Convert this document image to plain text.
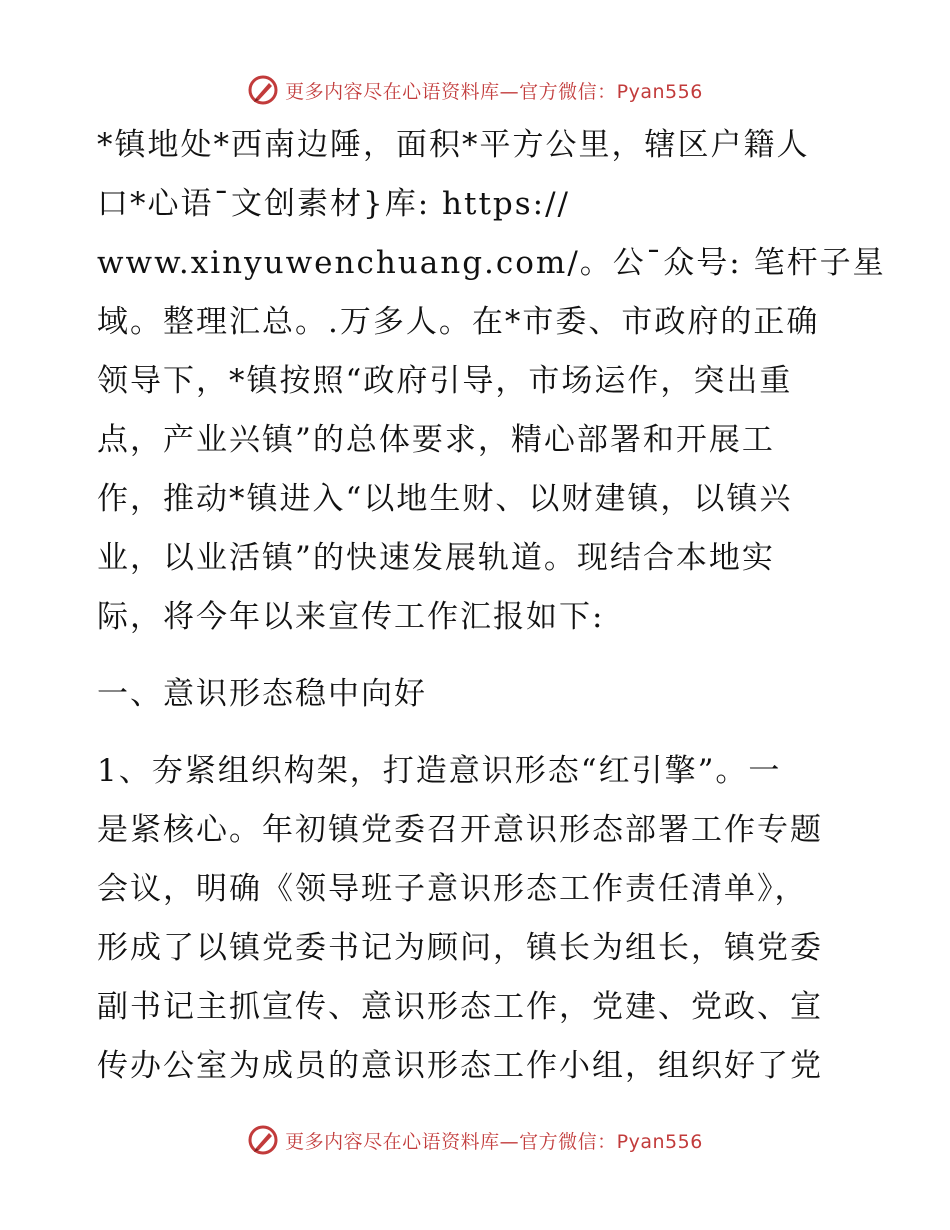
更多内容尽在心语资料库—官方微信：Pyan556
*镇地处*西南边陲，面积*平方公里，辖区户籍人
口*心语¯文创素材}库: https://
www.xinyuwenchuang.com/。公¯众号: 笔杆子星
域。整理汇总。.万多人。在*市委、市政府的正确
领导下，*镇按照“政府引导，市场运作，突出重
点，产业兴镇”的总体要求，精心部署和开展工
作，推动*镇进入“以地生财、以财建镇，以镇兴
业，以业活镇”的快速发展轨道。现结合本地实
际，将今年以来宣传工作汇报如下:
一、意识形态稳中向好
1、夯紧组织构架，打造意识形态“红引擎”。一
是紧核心。年初镇党委召开意识形态部署工作专题
会议，明确《领导班子意识形态工作责任清单》，
形成了以镇党委书记为顾问，镇长为组长，镇党委
副书记主抓宣传、意识形态工作，党建、党政、宣
传办公室为成员的意识形态工作小组，组织好了党
更多内容尽在心语资料库—官方微信：Pyan556
